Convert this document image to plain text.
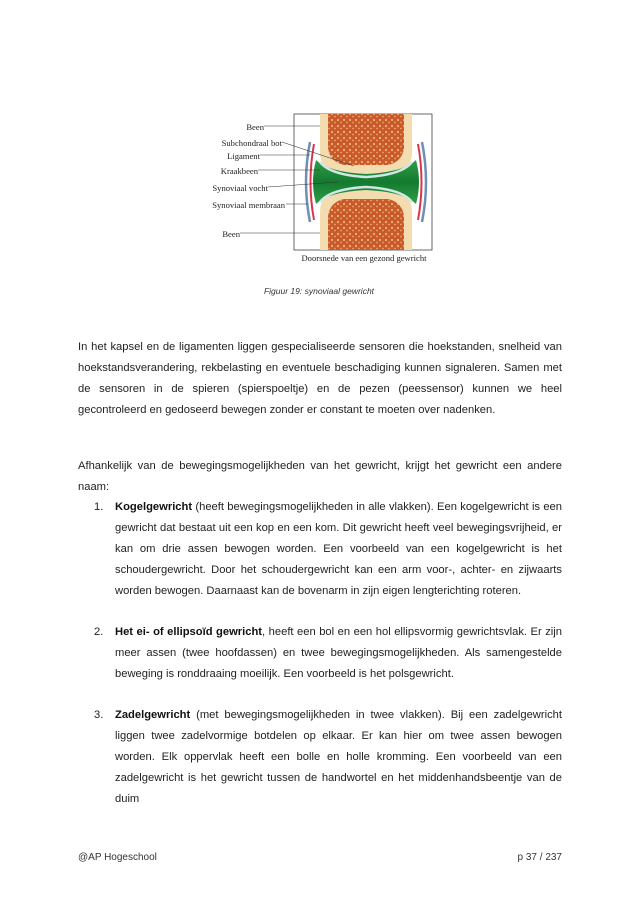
Been
Subchondraal bot
Ligament
Kraakbeen
Synoviaal vocht
Synoviaal membraan
Been
Doorsnede van een gezond gewricht
Figuur 19: synoviaal gewricht

In het kapsel en de ligamenten liggen gespecialiseerde sensoren die hoekstanden, snelheid van hoekstandsverandering, rekbelasting en eventuele beschadiging kunnen signaleren. Samen met de sensoren in de spieren (spierspoeltje) en de pezen (peessensor) kunnen we heel gecontroleerd en gedoseerd bewegen zonder er constant te moeten over nadenken.

Afhankelijk van de bewegingsmogelijkheden van het gewricht, krijgt het gewricht een andere naam:

1. Kogelgewricht (heeft bewegingsmogelijkheden in alle vlakken). Een kogelgewricht is een gewricht dat bestaat uit een kop en een kom. Dit gewricht heeft veel bewegingsvrijheid, er kan om drie assen bewogen worden. Een voorbeeld van een kogelgewricht is het schoudergewricht. Door het schoudergewricht kan een arm voor-, achter- en zijwaarts worden bewogen. Daarnaast kan de bovenarm in zijn eigen lengterichting roteren.
2. Het ei- of ellipsoïd gewricht, heeft een bol en een hol ellipsvormig gewrichtsvlak. Er zijn meer assen (twee hoofdassen) en twee bewegingsmogelijkheden. Als samengestelde beweging is ronddraaing moeilijk. Een voorbeeld is het polsgewricht.
3. Zadelgewricht (met bewegingsmogelijkheden in twee vlakken). Bij een zadelgewricht liggen twee zadelvormige botdelen op elkaar. Er kan hier om twee assen bewogen worden. Elk oppervlak heeft een bolle en holle kromming. Een voorbeeld van een zadelgewricht is het gewricht tussen de handwortel en het middenhandsbeentje van de duim
@AP Hogeschool	p 37 / 237
